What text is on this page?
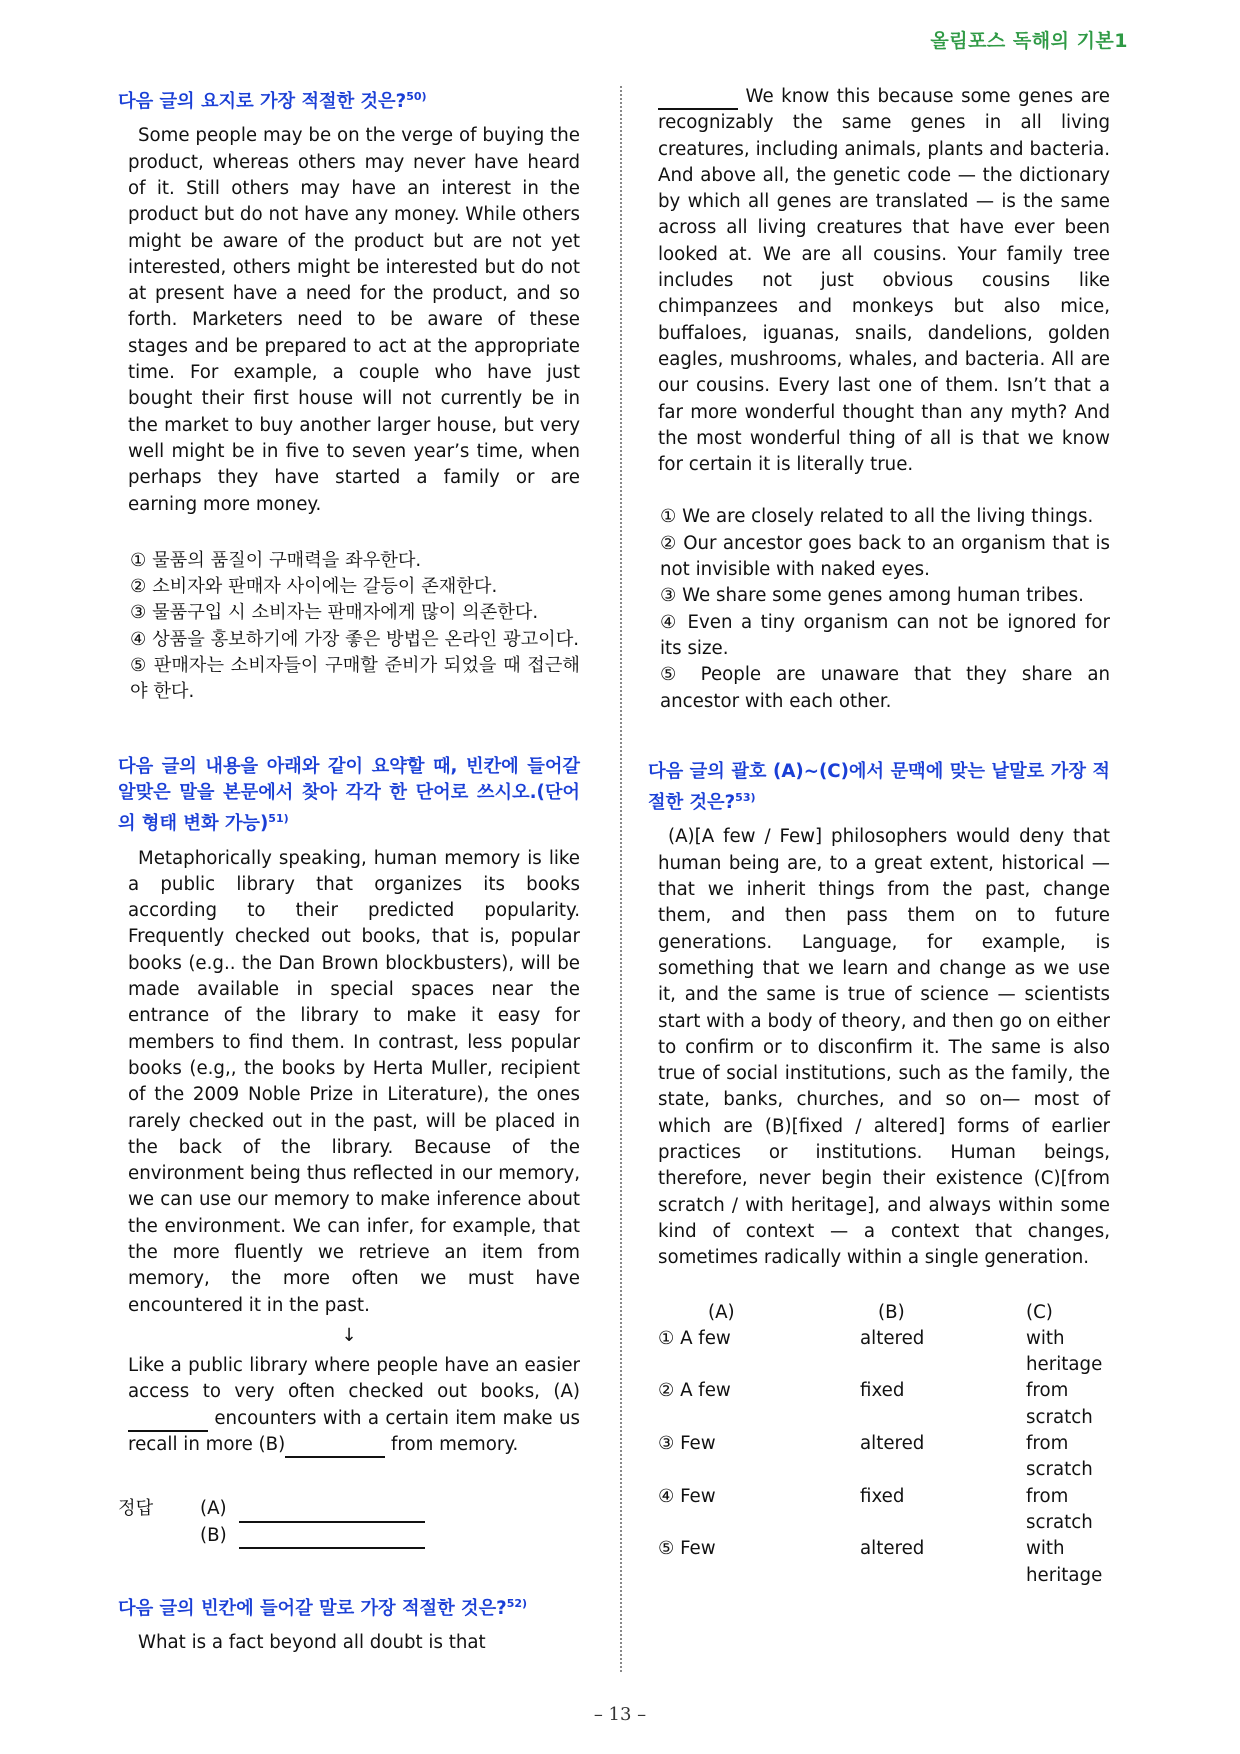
올림포스 독해의 기본1
다음 글의 요지로 가장 적절한 것은?$^{50)}$

Some people may be on the verge of buying the product, whereas others may never have heard of it. Still others may have an interest in the product but do not have any money. While others might be aware of the product but are not yet interested, others might be interested but do not at present have a need for the product, and so forth. Marketers need to be aware of these stages and be prepared to act at the appropriate time. For example, a couple who have just bought their first house will not currently be in the market to buy another larger house, but very well might be in five to seven year’s time, when perhaps they have started a family or are earning more money.

① 물품의 품질이 구매력을 좌우한다.
② 소비자와 판매자 사이에는 갈등이 존재한다.
③ 물품구입 시 소비자는 판매자에게 많이 의존한다.
④ 상품을 홍보하기에 가장 좋은 방법은 온라인 광고이다.
⑤ 판매자는 소비자들이 구매할 준비가 되었을 때 접근해야 한다.
다음 글의 내용을 아래와 같이 요약할 때, 빈칸에 들어갈 알맞은 말을 본문에서 찾아 각각 한 단어로 쓰시오.(단어의 형태 변화 가능)$^{51)}$

Metaphorically speaking, human memory is like a public library that organizes its books according to their predicted popularity. Frequently checked out books, that is, popular books (e.g.. the Dan Brown blockbusters), will be made available in special spaces near the entrance of the library to make it easy for members to find them. In contrast, less popular books (e.g,, the books by Herta Muller, recipient of the 2009 Noble Prize in Literature), the ones rarely checked out in the past, will be placed in the back of the library. Because of the environment being thus reflected in our memory, we can use our memory to make inference about the environment. We can infer, for example, that the more fluently we retrieve an item from memory, the more often we must have encountered it in the past.

↓
Like a public library where people have an easier access to very often checked out books, (A) encounters with a certain item make us recall in more (B)	from memory.
정답	(A)
(B)
다음 글의 빈칸에 들어갈 말로 가장 적절한 것은?$^{52)}$

What is a fact beyond all doubt is that

We know this because some genes are recognizably the same genes in all living creatures, including animals, plants and bacteria. And above all, the genetic code — the dictionary by which all genes are translated — is the same across all living creatures that have ever been looked at. We are all cousins. Your family tree includes not just obvious cousins like chimpanzees and monkeys but also mice, buffaloes, iguanas, snails, dandelions, golden eagles, mushrooms, whales, and bacteria. All are our cousins. Every last one of them. Isn’t that a far more wonderful thought than any myth? And the most wonderful thing of all is that we know for certain it is literally true.

① We are closely related to all the living things.
② Our ancestor goes back to an organism that is not invisible with naked eyes.
③ We share some genes among human tribes.
④ Even a tiny organism can not be ignored for its size.
⑤ People are unaware that they share an ancestor with each other.
다음 글의 괄호 (A)~(C)에서 문맥에 맞는 낱말로 가장 적절한 것은?$^{53)}$

(A)[A few / Few] philosophers would deny that human being are, to a great extent, historical — that we inherit things from the past, change them, and then pass them on to future generations. Language, for example, is something that we learn and change as we use it, and the same is true of science — scientists start with a body of theory, and then go on either to confirm or to disconfirm it. The same is also true of social institutions, such as the family, the state, banks, churches, and so on— most of which are (B)[fixed / altered] forms of earlier practices or institutions. Human beings, therefore, never begin their existence (C)[from scratch / with heritage], and always within some kind of context — a context that changes, sometimes radically within a single generation.

(A)	(B)	(C)
① A few	altered	with heritage
② A few	fixed	from scratch
③ Few	altered	from scratch
④ Few	fixed	from scratch
⑤ Few	altered	with heritage
– 13 –
